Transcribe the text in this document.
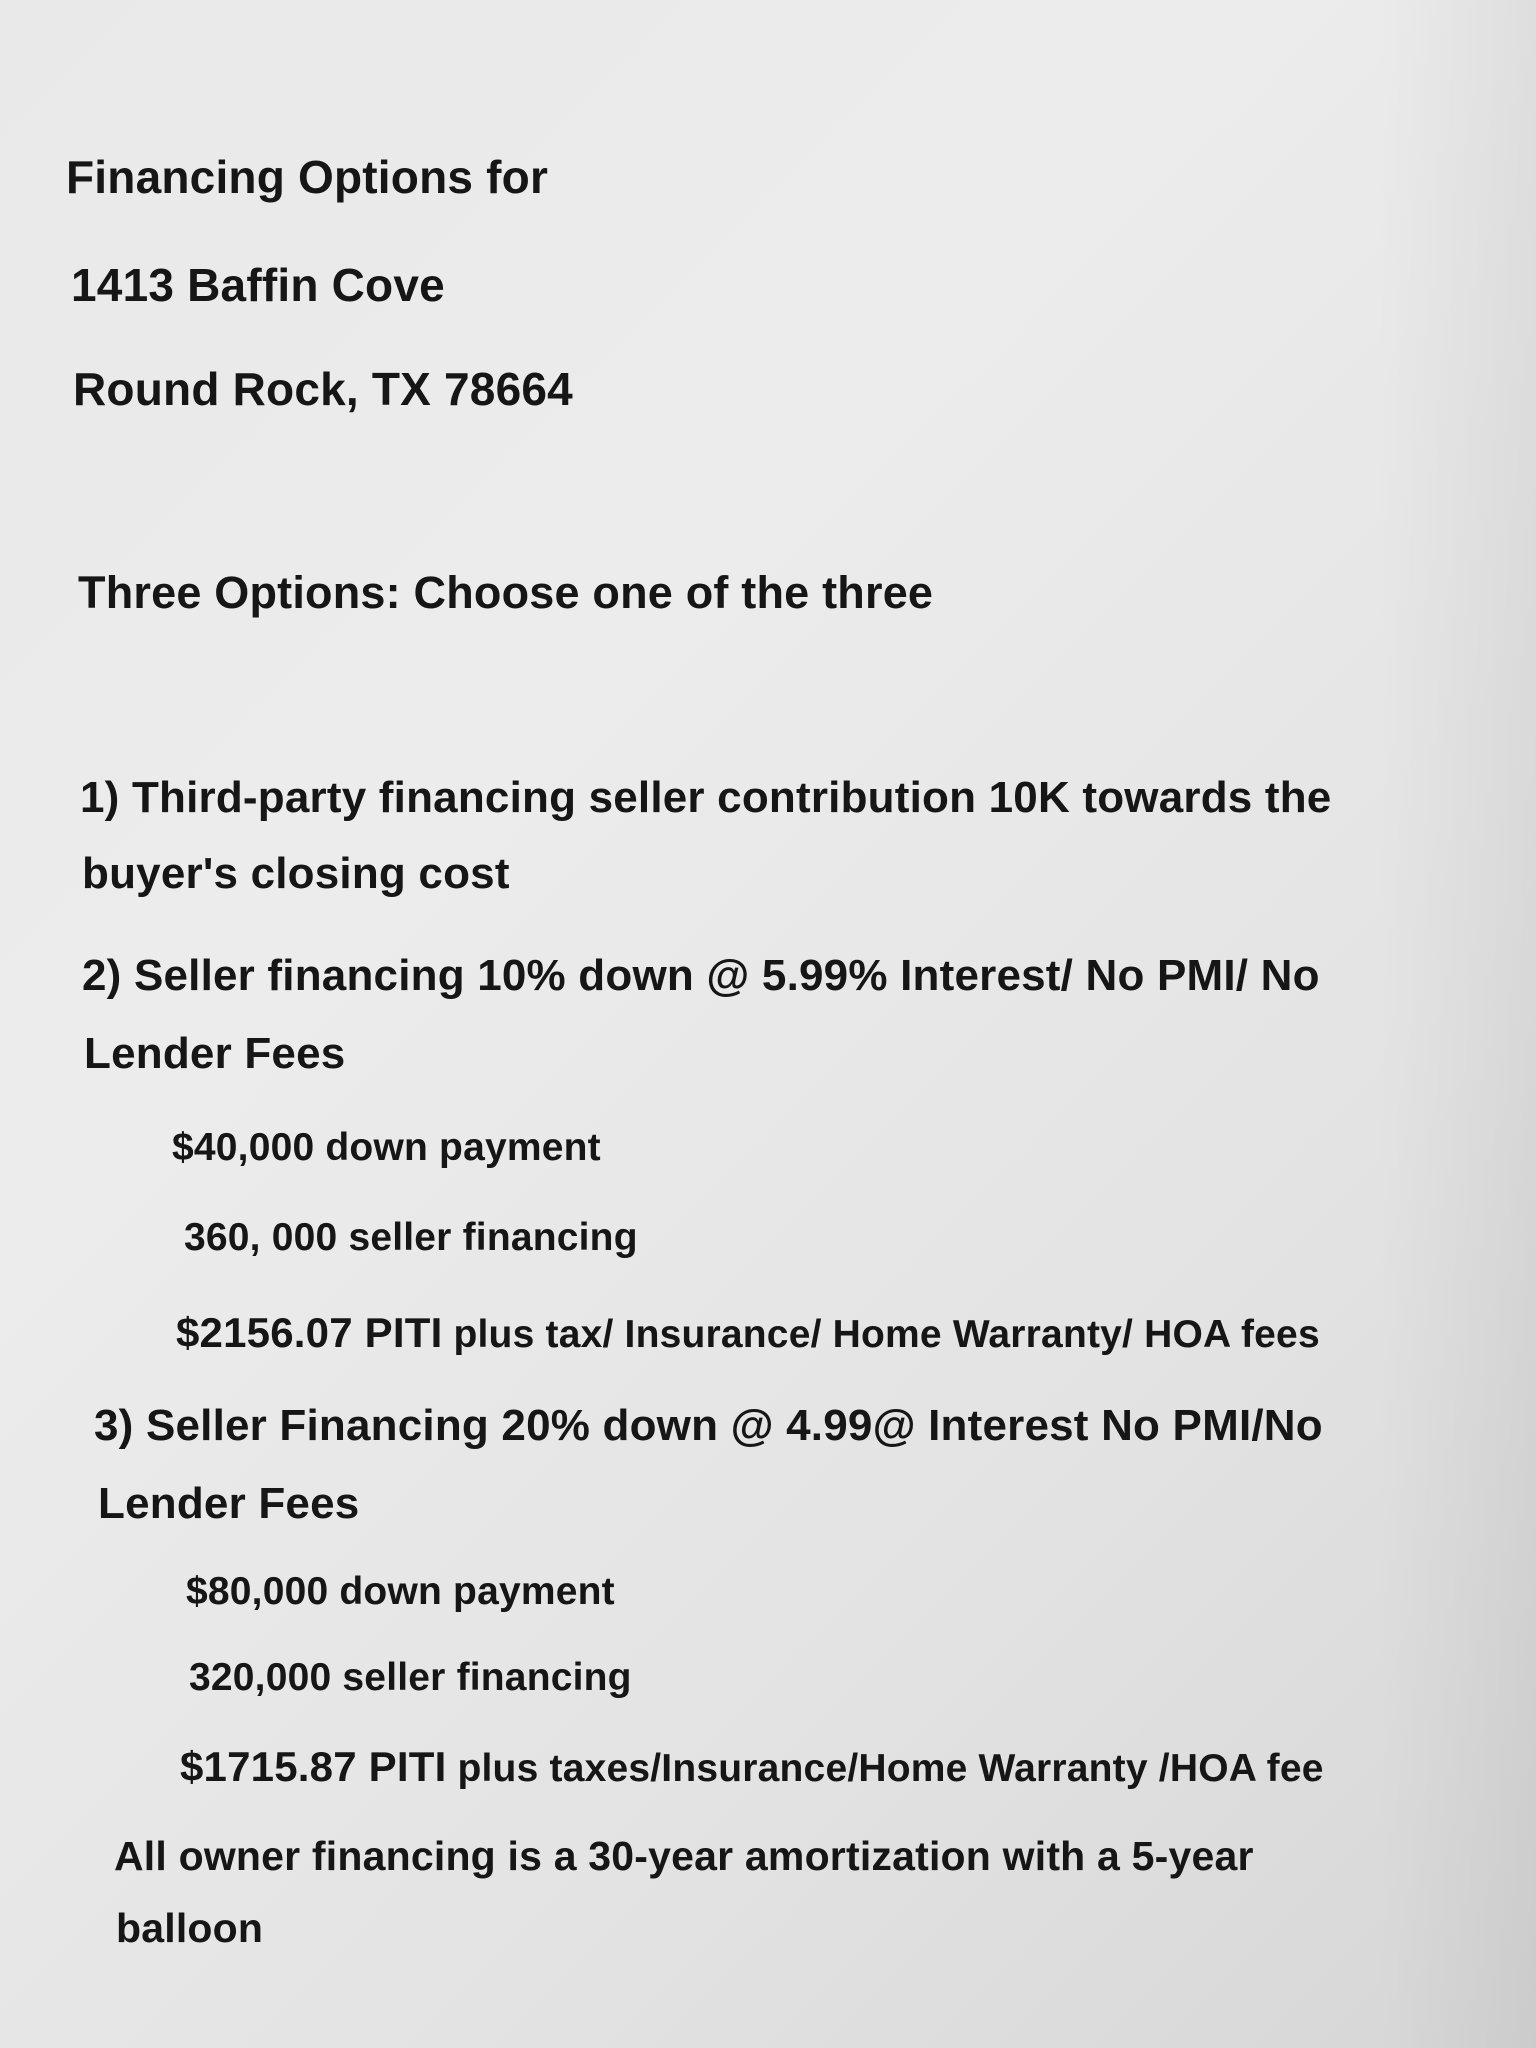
Financing Options for

1413 Baffin Cove

Round Rock, TX 78664

Three Options: Choose one of the three

1) Third-party financing seller contribution 10K towards the

buyer's closing cost

2) Seller financing 10% down @ 5.99% Interest/ No PMI/ No

Lender Fees

$40,000 down payment

360, 000 seller financing

$2156.07 PITI plus tax/ Insurance/ Home Warranty/ HOA fees

3) Seller Financing 20% down @ 4.99@ Interest No PMI/No

Lender Fees

$80,000 down payment

320,000 seller financing

$1715.87 PITI plus taxes/Insurance/Home Warranty /HOA fee

All owner financing is a 30-year amortization with a 5-year

balloon
